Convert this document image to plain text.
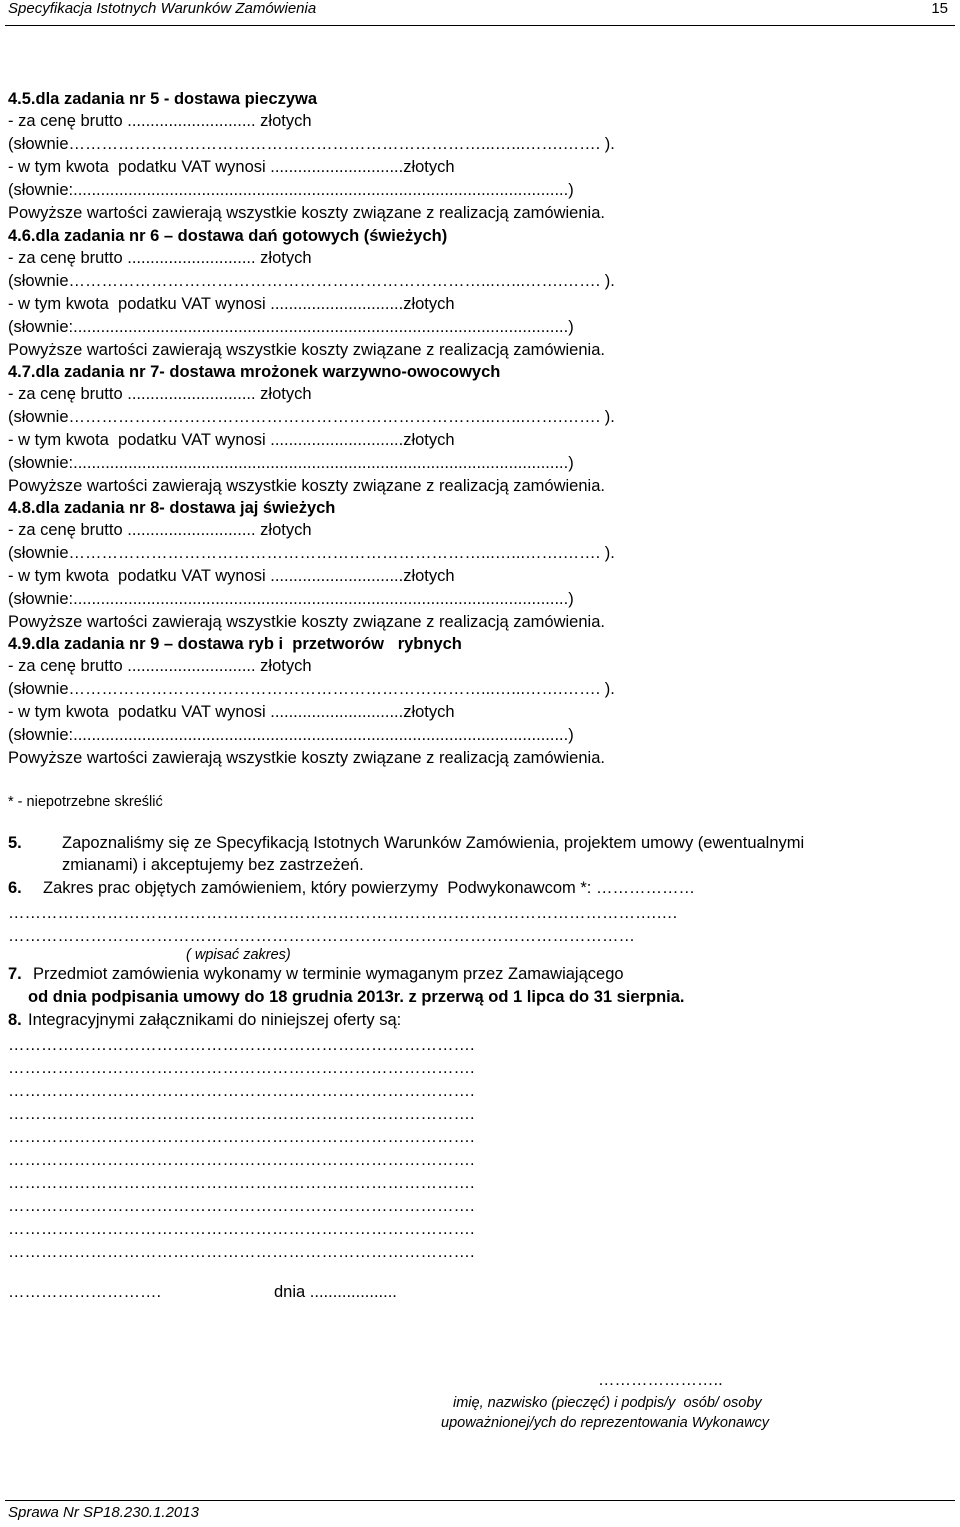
Specyfikacja Istotnych Warunków Zamówienia	15
4.5.dla zadania nr 5 - dostawa pieczywa
- za cenę brutto ............................ złotych
(słownie…………………………………………………………………...…...…….……. ).
- w tym kwota  podatku VAT wynosi .............................złotych
(słownie:............................................................................................................)
Powyższe wartości zawierają wszystkie koszty związane z realizacją zamówienia.
4.6.dla zadania nr 6 – dostawa dań gotowych (świeżych)
- za cenę brutto ............................ złotych
(słownie…………………………………………………………………...…...…….……. ).
- w tym kwota  podatku VAT wynosi .............................złotych
(słownie:............................................................................................................)
Powyższe wartości zawierają wszystkie koszty związane z realizacją zamówienia.
4.7.dla zadania nr 7- dostawa mrożonek warzywno-owocowych
- za cenę brutto ............................ złotych
(słownie…………………………………………………………………...…...…….……. ).
- w tym kwota  podatku VAT wynosi .............................złotych
(słownie:............................................................................................................)
Powyższe wartości zawierają wszystkie koszty związane z realizacją zamówienia.
4.8.dla zadania nr 8- dostawa jaj świeżych
- za cenę brutto ............................ złotych
(słownie…………………………………………………………………...…...…….……. ).
- w tym kwota  podatku VAT wynosi .............................złotych
(słownie:............................................................................................................)
Powyższe wartości zawierają wszystkie koszty związane z realizacją zamówienia.
4.9.dla zadania nr 9 – dostawa ryb i  przetworów   rybnych
- za cenę brutto ............................ złotych
(słownie…………………………………………………………………...…...…….……. ).
- w tym kwota  podatku VAT wynosi .............................złotych
(słownie:............................................................................................................)
Powyższe wartości zawierają wszystkie koszty związane z realizacją zamówienia.
* - niepotrzebne skreślić
5. Zapoznaliśmy się ze Specyfikacją Istotnych Warunków Zamówienia, projektem umowy (ewentualnymi
zmianami) i akceptujemy bez zastrzeżeń.
6. Zakres prac objętych zamówieniem, który powierzymy  Podwykonawcom *: ………………
……………………………………………………………………………………………………….….
……………………………………………………………………………………………………
( wpisać zakres)
7. Przedmiot zamówienia wykonamy w terminie wymaganym przez Zamawiającego
od dnia podpisania umowy do 18 grudnia 2013r. z przerwą od 1 lipca do 31 sierpnia.
8. Integracyjnymi załącznikami do niniejszej oferty są:
………………………………………………………………………….
………………………………………………………………………….
………………………………………………………………………….
………………………………………………………………………….
………………………………………………………………………….
………………………………………………………………………….
………………………………………………………………………….
………………………………………………………………………….
………………………………………………………………………….
………………………………………………………………………….
……………………….	dnia ...................
…………………..
imię, nazwisko (pieczęć) i podpis/y  osób/ osoby
upoważnionej/ych do reprezentowania Wykonawcy
Sprawa Nr SP18.230.1.2013
